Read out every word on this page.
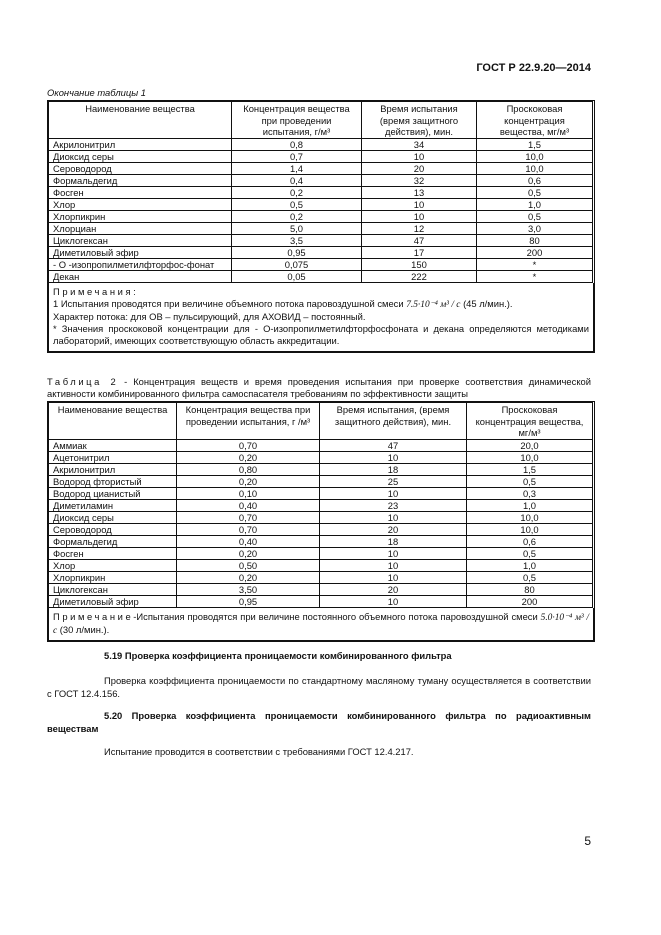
ГОСТ Р 22.9.20—2014
Окончание таблицы 1
Наименование вещества	Концентрация вещества при проведении испытания, г/м³	Время испытания (время защитного действия), мин.	Проскоковая концентрация вещества, мг/м³
Акрилонитрил	0,8	34	1,5
Диоксид серы	0,7	10	10,0
Сероводород	1,4	20	10,0
Формальдегид	0,4	32	0,6
Фосген	0,2	13	0,5
Хлор	0,5	10	1,0
Хлорпикрин	0,2	10	0,5
Хлорциан	5,0	12	3,0
Циклогексан	3,5	47	80
Диметиловый эфир	0,95	17	200
- О -изопропилметилфторфос-фонат	0,075	150	*
Декан	0,05	222	*
Примечания:
1 Испытания проводятся при величине объемного потока паровоздушной смеси 7.5·10⁻⁴ м³ / с (45 л/мин.).
Характер потока: для ОВ – пульсирующий, для АХОВИД – постоянный.
* Значения проскоковой концентрации для - О-изопропилметилфторфосфоната и декана определяются методиками лабораторий, имеющих соответствующую область аккредитации.
Таблица 2 - Концентрация веществ и время проведения испытания при проверке соответствия динамической активности комбинированного фильтра самоспасателя требованиям по эффективности защиты
Наименование вещества	Концентрация вещества при проведении испытания, г /м³	Время испытания, (время защитного действия), мин.	Проскоковая концентрация вещества, мг/м³
Аммиак	0,70	47	20,0
Ацетонитрил	0,20	10	10,0
Акрилонитрил	0,80	18	1,5
Водород фтористый	0,20	25	0,5
Водород цианистый	0,10	10	0,3
Диметиламин	0,40	23	1,0
Диоксид серы	0,70	10	10,0
Сероводород	0,70	20	10,0
Формальдегид	0,40	18	0,6
Фосген	0,20	10	0,5
Хлор	0,50	10	1,0
Хлорпикрин	0,20	10	0,5
Циклогексан	3,50	20	80
Диметиловый эфир	0,95	10	200
Примечание-Испытания проводятся при величине постоянного объемного потока паровоздушной смеси 5.0·10⁻⁴ м³ / с (30 л/мин.).
5.19 Проверка коэффициента проницаемости комбинированного фильтра
Проверка коэффициента проницаемости по стандартному масляному туману осуществляется в соответствии с ГОСТ 12.4.156.
5.20 Проверка коэффициента проницаемости комбинированного фильтра по радиоактивным веществам
Испытание проводится в соответствии с требованиями ГОСТ 12.4.217.
5
